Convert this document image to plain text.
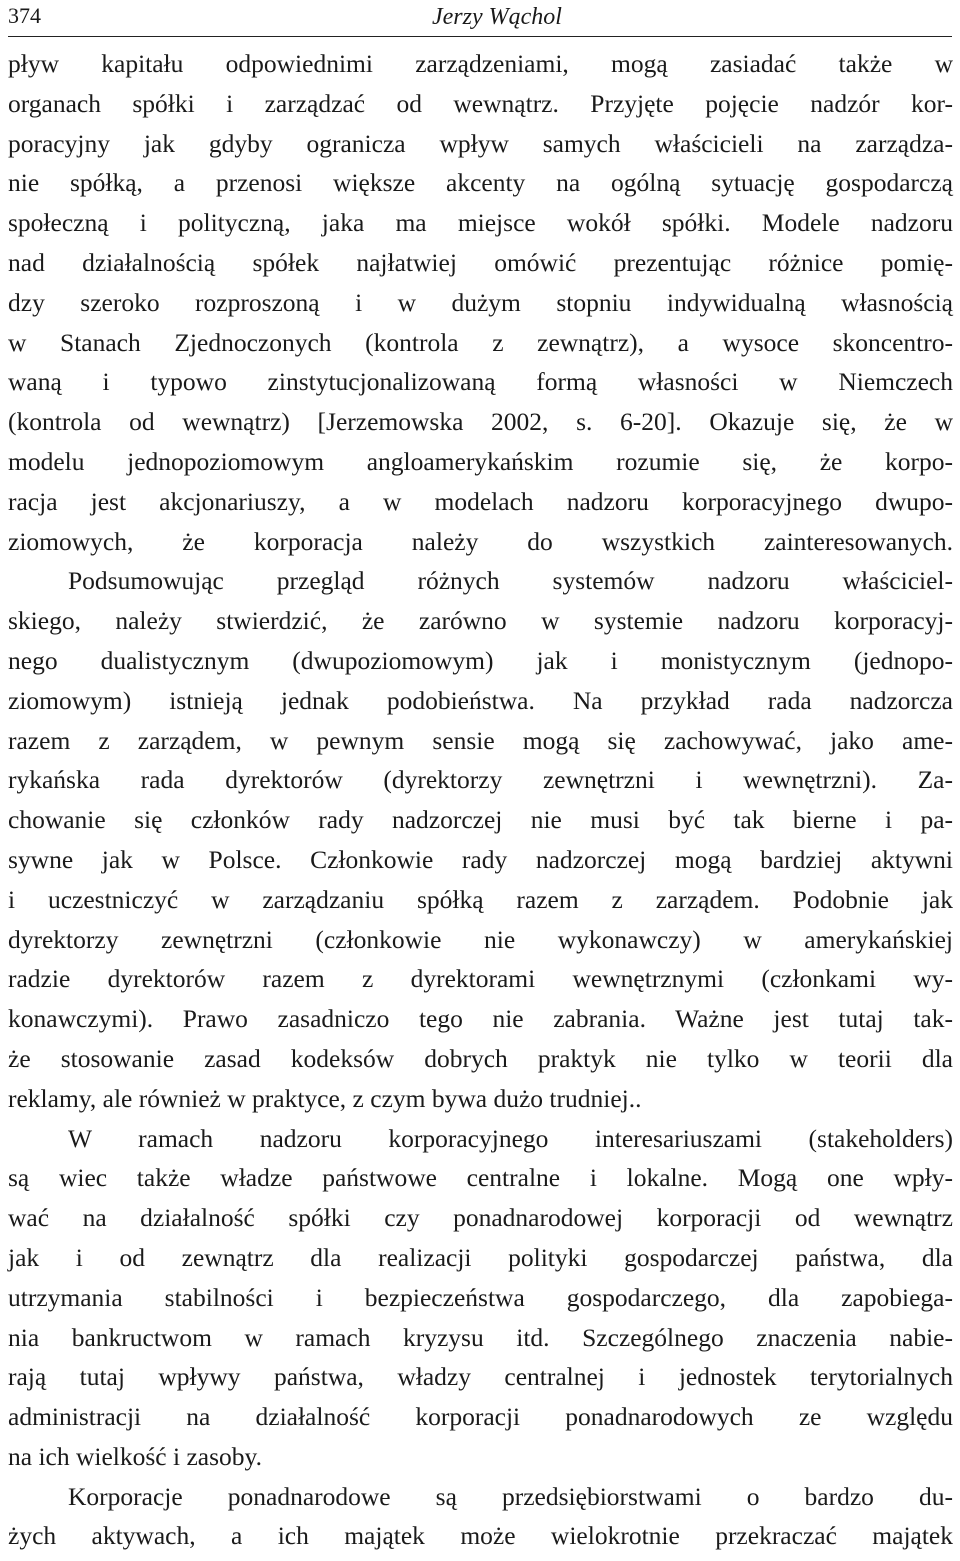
374	Jerzy Wąchol
pływ kapitału odpowiednimi zarządzeniami, mogą zasiadać także w
organach spółki i zarządzać od wewnątrz. Przyjęte pojęcie nadzór kor-
poracyjny jak gdyby ogranicza wpływ samych właścicieli na zarządza-
nie spółką, a przenosi większe akcenty na ogólną sytuację gospodarczą
społeczną i polityczną, jaka ma miejsce wokół spółki. Modele nadzoru
nad działalnością spółek najłatwiej omówić prezentując różnice pomię-
dzy szeroko rozproszoną i w dużym stopniu indywidualną własnością
w Stanach Zjednoczonych (kontrola z zewnątrz), a wysoce skoncentro-
waną i typowo zinstytucjonalizowaną formą własności w Niemczech
(kontrola od wewnątrz) [Jerzemowska 2002, s. 6-20]. Okazuje się, że w
modelu jednopoziomowym angloamerykańskim rozumie się, że korpo-
racja jest akcjonariuszy, a w modelach nadzoru korporacyjnego dwupo-
ziomowych, że korporacja należy do wszystkich zainteresowanych.
Podsumowując przegląd różnych systemów nadzoru właściciel-
skiego, należy stwierdzić, że zarówno w systemie nadzoru korporacyj-
nego dualistycznym (dwupoziomowym) jak i monistycznym (jednopo-
ziomowym) istnieją jednak podobieństwa. Na przykład rada nadzorcza
razem z zarządem, w pewnym sensie mogą się zachowywać, jako ame-
rykańska rada dyrektorów (dyrektorzy zewnętrzni i wewnętrzni). Za-
chowanie się członków rady nadzorczej nie musi być tak bierne i pa-
sywne jak w Polsce. Członkowie rady nadzorczej mogą bardziej aktywni
i uczestniczyć w zarządzaniu spółką razem z zarządem. Podobnie jak
dyrektorzy zewnętrzni (członkowie nie wykonawczy) w amerykańskiej
radzie dyrektorów razem z dyrektorami wewnętrznymi (członkami wy-
konawczymi). Prawo zasadniczo tego nie zabrania. Ważne jest tutaj tak-
że stosowanie zasad kodeksów dobrych praktyk nie tylko w teorii dla
reklamy, ale również w praktyce, z czym bywa dużo trudniej..
W ramach nadzoru korporacyjnego interesariuszami (stakeholders)
są wiec także władze państwowe centralne i lokalne. Mogą one wpły-
wać na działalność spółki czy ponadnarodowej korporacji od wewnątrz
jak i od zewnątrz dla realizacji polityki gospodarczej państwa, dla
utrzymania stabilności i bezpieczeństwa gospodarczego, dla zapobiega-
nia bankructwom w ramach kryzysu itd. Szczególnego znaczenia nabie-
rają tutaj wpływy państwa, władzy centralnej i jednostek terytorialnych
administracji na działalność korporacji ponadnarodowych ze względu
na ich wielkość i zasoby.
Korporacje ponadnarodowe są przedsiębiorstwami o bardzo du-
żych aktywach, a ich majątek może wielokrotnie przekraczać majątek
